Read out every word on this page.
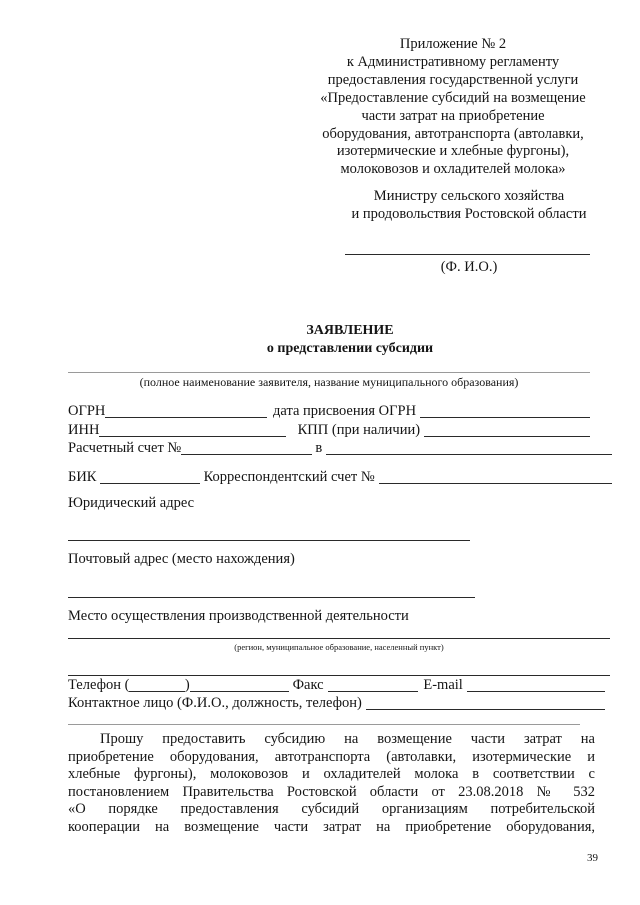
Приложение № 2
к Административному регламенту
предоставления государственной услуги
«Предоставление субсидий на возмещение
части затрат на приобретение
оборудования, автотранспорта (автолавки,
изотермические и хлебные фургоны),
молоковозов и охладителей молока»
Министру сельского хозяйства
и продовольствия Ростовской области
(Ф. И.О.)
ЗАЯВЛЕНИЕ
о представлении субсидии
(полное наименование заявителя, название муниципального образования)
ОГРН	дата присвоения ОГРН
ИНН	КПП (при наличии)
Расчетный счет №	в
БИК	Корреспондентский счет №
Юридический адрес
Почтовый адрес (место нахождения)
Место осуществления производственной деятельности
(регион, муниципальное образование, населенный пункт)
Телефон (	)	Факс	E-mail
Контактное лицо (Ф.И.О., должность, телефон)
Прошу предоставить субсидию на возмещение части затрат на
приобретение оборудования, автотранспорта (автолавки, изотермические и
хлебные фургоны), молоковозов и охладителей молока в соответствии с
постановлением Правительства Ростовской области от 23.08.2018 № 532
«О порядке предоставления субсидий организациям потребительской
кооперации на возмещение части затрат на приобретение оборудования,
39
